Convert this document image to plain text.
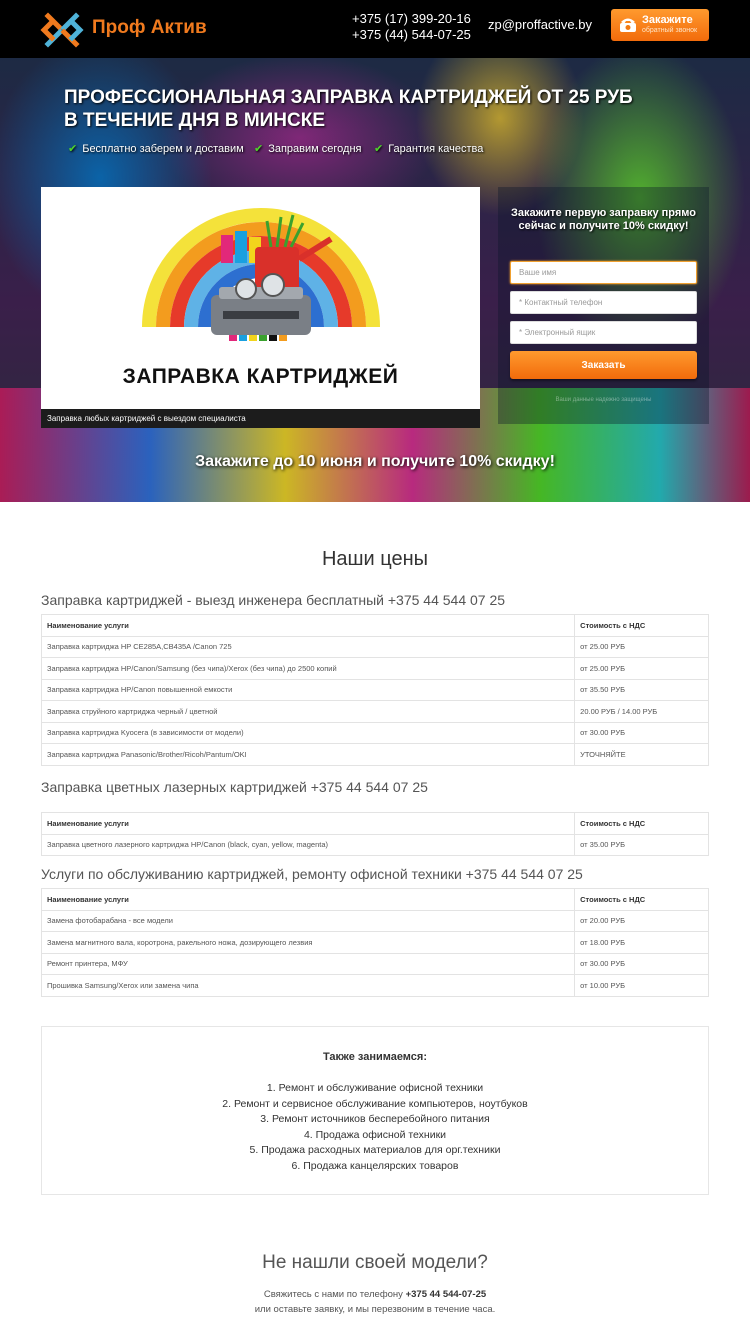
Проф Актив	+375 (17) 399-20-16
+375 (44) 544-07-25
zp@proffactive.by	Закажите
обратный звонок
ПРОФЕССИОНАЛЬНАЯ ЗАПРАВКА КАРТРИДЖЕЙ ОТ 25 РУБ В ТЕЧЕНИЕ ДНЯ В МИНСКЕ
✔ Бесплатно заберем и доставим ✔ Заправим сегодня ✔ Гарантия качества
ЗАПРАВКА КАРТРИДЖЕЙ
Заправка любых картриджей с выездом специалиста
Закажите первую заправку прямо сейчас и получите 10% скидку!
Ваше имя
* Контактный телефон
* Электронный ящик
Заказать
Ваши данные надежно защищены
Закажите до 10 июня и получите 10% скидку!
Наши цены
Заправка картриджей - выезд инженера бесплатный +375 44 544 07 25
Наименование услуги	Стоимость с НДС
Заправка картриджа HP CE285A,CB435A /Canon 725	от 25.00 РУБ
Заправка картриджа HP/Canon/Samsung (без чипа)/Xerox (без чипа) до 2500 копий	от 25.00 РУБ
Заправка картриджа HP/Canon повышенной емкости	от 35.50 РУБ
Заправка струйного картриджа черный / цветной	20.00 РУБ / 14.00 РУБ
Заправка картриджа Kyocera (в зависимости от модели)	от 30.00 РУБ
Заправка картриджа Panasonic/Brother/Ricoh/Pantum/OKI	УТОЧНЯЙТЕ
Заправка цветных лазерных картриджей +375 44 544 07 25
Наименование услуги	Стоимость с НДС
Заправка цветного лазерного картриджа HP/Canon (black, cyan, yellow, magenta)	от 35.00 РУБ
Услуги по обслуживанию картриджей, ремонту офисной техники +375 44 544 07 25
Наименование услуги	Стоимость с НДС
Замена фотобарабана - все модели	от 20.00 РУБ
Замена магнитного вала, коротрона, ракельного ножа, дозирующего лезвия	от 18.00 РУБ
Ремонт принтера, МФУ	от 30.00 РУБ
Прошивка Samsung/Xerox или замена чипа	от 10.00 РУБ
Также занимаемся:
1. Ремонт и обслуживание офисной техники
2. Ремонт и сервисное обслуживание компьютеров, ноутбуков
3. Ремонт источников бесперебойного питания
4. Продажа офисной техники
5. Продажа расходных материалов для орг.техники
6. Продажа канцелярских товаров
Не нашли своей модели?
Свяжитесь с нами по телефону +375 44 544-07-25
или оставьте заявку, и мы перезвоним в течение часа.
